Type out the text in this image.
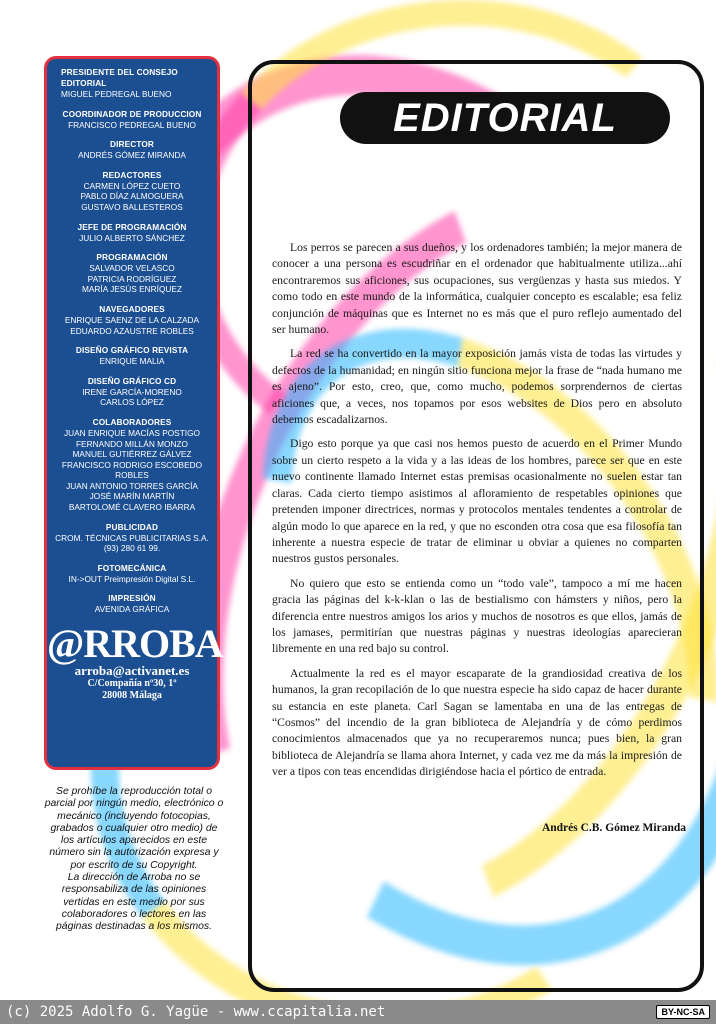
PRESIDENTE DEL CONSEJO EDITORIAL
MIGUEL PEDREGAL BUENO
COORDINADOR DE PRODUCCION
FRANCISCO PEDREGAL BUENO
DIRECTOR
ANDRÉS GÓMEZ MIRANDA
REDACTORES
CARMEN LÓPEZ CUETO
PABLO DÍAZ ALMOGUERA
GUSTAVO BALLESTEROS
JEFE DE PROGRAMACIÓN
JULIO ALBERTO SÁNCHEZ
PROGRAMACIÓN
SALVADOR VELASCO
PATRICIA RODRÍGUEZ
MARÍA JESÚS ENRÍQUEZ
NAVEGADORES
ENRIQUE SAENZ DE LA CALZADA
EDUARDO AZAUSTRE ROBLES
DISEÑO GRÁFICO REVISTA
ENRIQUE MALIA
DISEÑO GRÁFICO CD
IRENE GARCÍA-MORENO
CARLOS LÓPEZ
COLABORADORES
JUAN ENRIQUE MACÍAS POSTIGO
FERNANDO MILLÁN MONZO
MANUEL GUTIÉRREZ GÁLVEZ
FRANCISCO RODRIGO ESCOBEDO ROBLES
JUAN ANTONIO TORRES GARCÍA
JOSÉ MARÍN MARTÍN
BARTOLOMÉ CLAVERO IBARRA
PUBLICIDAD
CROM. TÉCNICAS PUBLICITARIAS S.A.
(93) 280 61 99.
FOTOMECÁNICA
IN->OUT Preimpresión Digital S.L.
IMPRESIÓN
AVENIDA GRÁFICA
@RROBA
arroba@activanet.es
C/Compañía nº30, 1º
28008 Málaga

Se prohíbe la reproducción total o parcial por ningún medio, electrónico o mecánico (incluyendo fotocopias, grabados o cualquier otro medio) de los artículos aparecidos en este número sin la autorización expresa y por escrito de su Copyright.

La dirección de Arroba no se responsabiliza de las opiniones vertidas en este medio por sus colaboradores o lectores en las páginas destinadas a los mismos.

EDITORIAL

Los perros se parecen a sus dueños, y los ordenadores también; la mejor manera de conocer a una persona es escudriñar en el ordenador que habitualmente utiliza...ahí encontraremos sus aficiones, sus ocupaciones, sus vergüenzas y hasta sus miedos. Y como todo en este mundo de la informática, cualquier concepto es escalable; esa feliz conjunción de máquinas que es Internet no es más que el puro reflejo aumentado del ser humano.

La red se ha convertido en la mayor exposición jamás vista de todas las virtudes y defectos de la humanidad; en ningún sitio funciona mejor la frase de “nada humano me es ajeno”. Por esto, creo, que, como mucho, podemos sorprendernos de ciertas aficiones que, a veces, nos topamos por esos websites de Dios pero en absoluto debemos escadalizarnos.

Digo esto porque ya que casi nos hemos puesto de acuerdo en el Primer Mundo sobre un cierto respeto a la vida y a las ideas de los hombres, parece ser que en este nuevo continente llamado Internet estas premisas ocasionalmente no suelen estar tan claras. Cada cierto tiempo asistimos al afloramiento de respetables opiniones que pretenden imponer directrices, normas y protocolos mentales tendentes a controlar de algún modo lo que aparece en la red, y que no esconden otra cosa que esa filosofía tan inherente a nuestra especie de tratar de eliminar u obviar a quienes no comparten nuestros gustos personales.

No quiero que esto se entienda como un “todo vale”, tampoco a mí me hacen gracia las páginas del k-k-klan o las de bestialismo con hámsters y niños, pero la diferencia entre nuestros amigos los arios y muchos de nosotros es que ellos, jamás de los jamases, permitirían que nuestras páginas y nuestras ideologías aparecieran libremente en una red bajo su control.

Actualmente la red es el mayor escaparate de la grandiosidad creativa de los humanos, la gran recopilación de lo que nuestra especie ha sido capaz de hacer durante su estancia en este planeta. Carl Sagan se lamentaba en una de las entregas de “Cosmos” del incendio de la gran biblioteca de Alejandría y de cómo perdimos conocimientos almacenados que ya no recuperaremos nunca; pues bien, la gran biblioteca de Alejandría se llama ahora Internet, y cada vez me da más la impresión de ver a tipos con teas encendidas dirigiéndose hacia el pórtico de entrada.

Andrés C.B. Gómez Miranda
(c) 2025 Adolfo G. Yagüe - www.ccapitalia.net	BY-NC-SA
